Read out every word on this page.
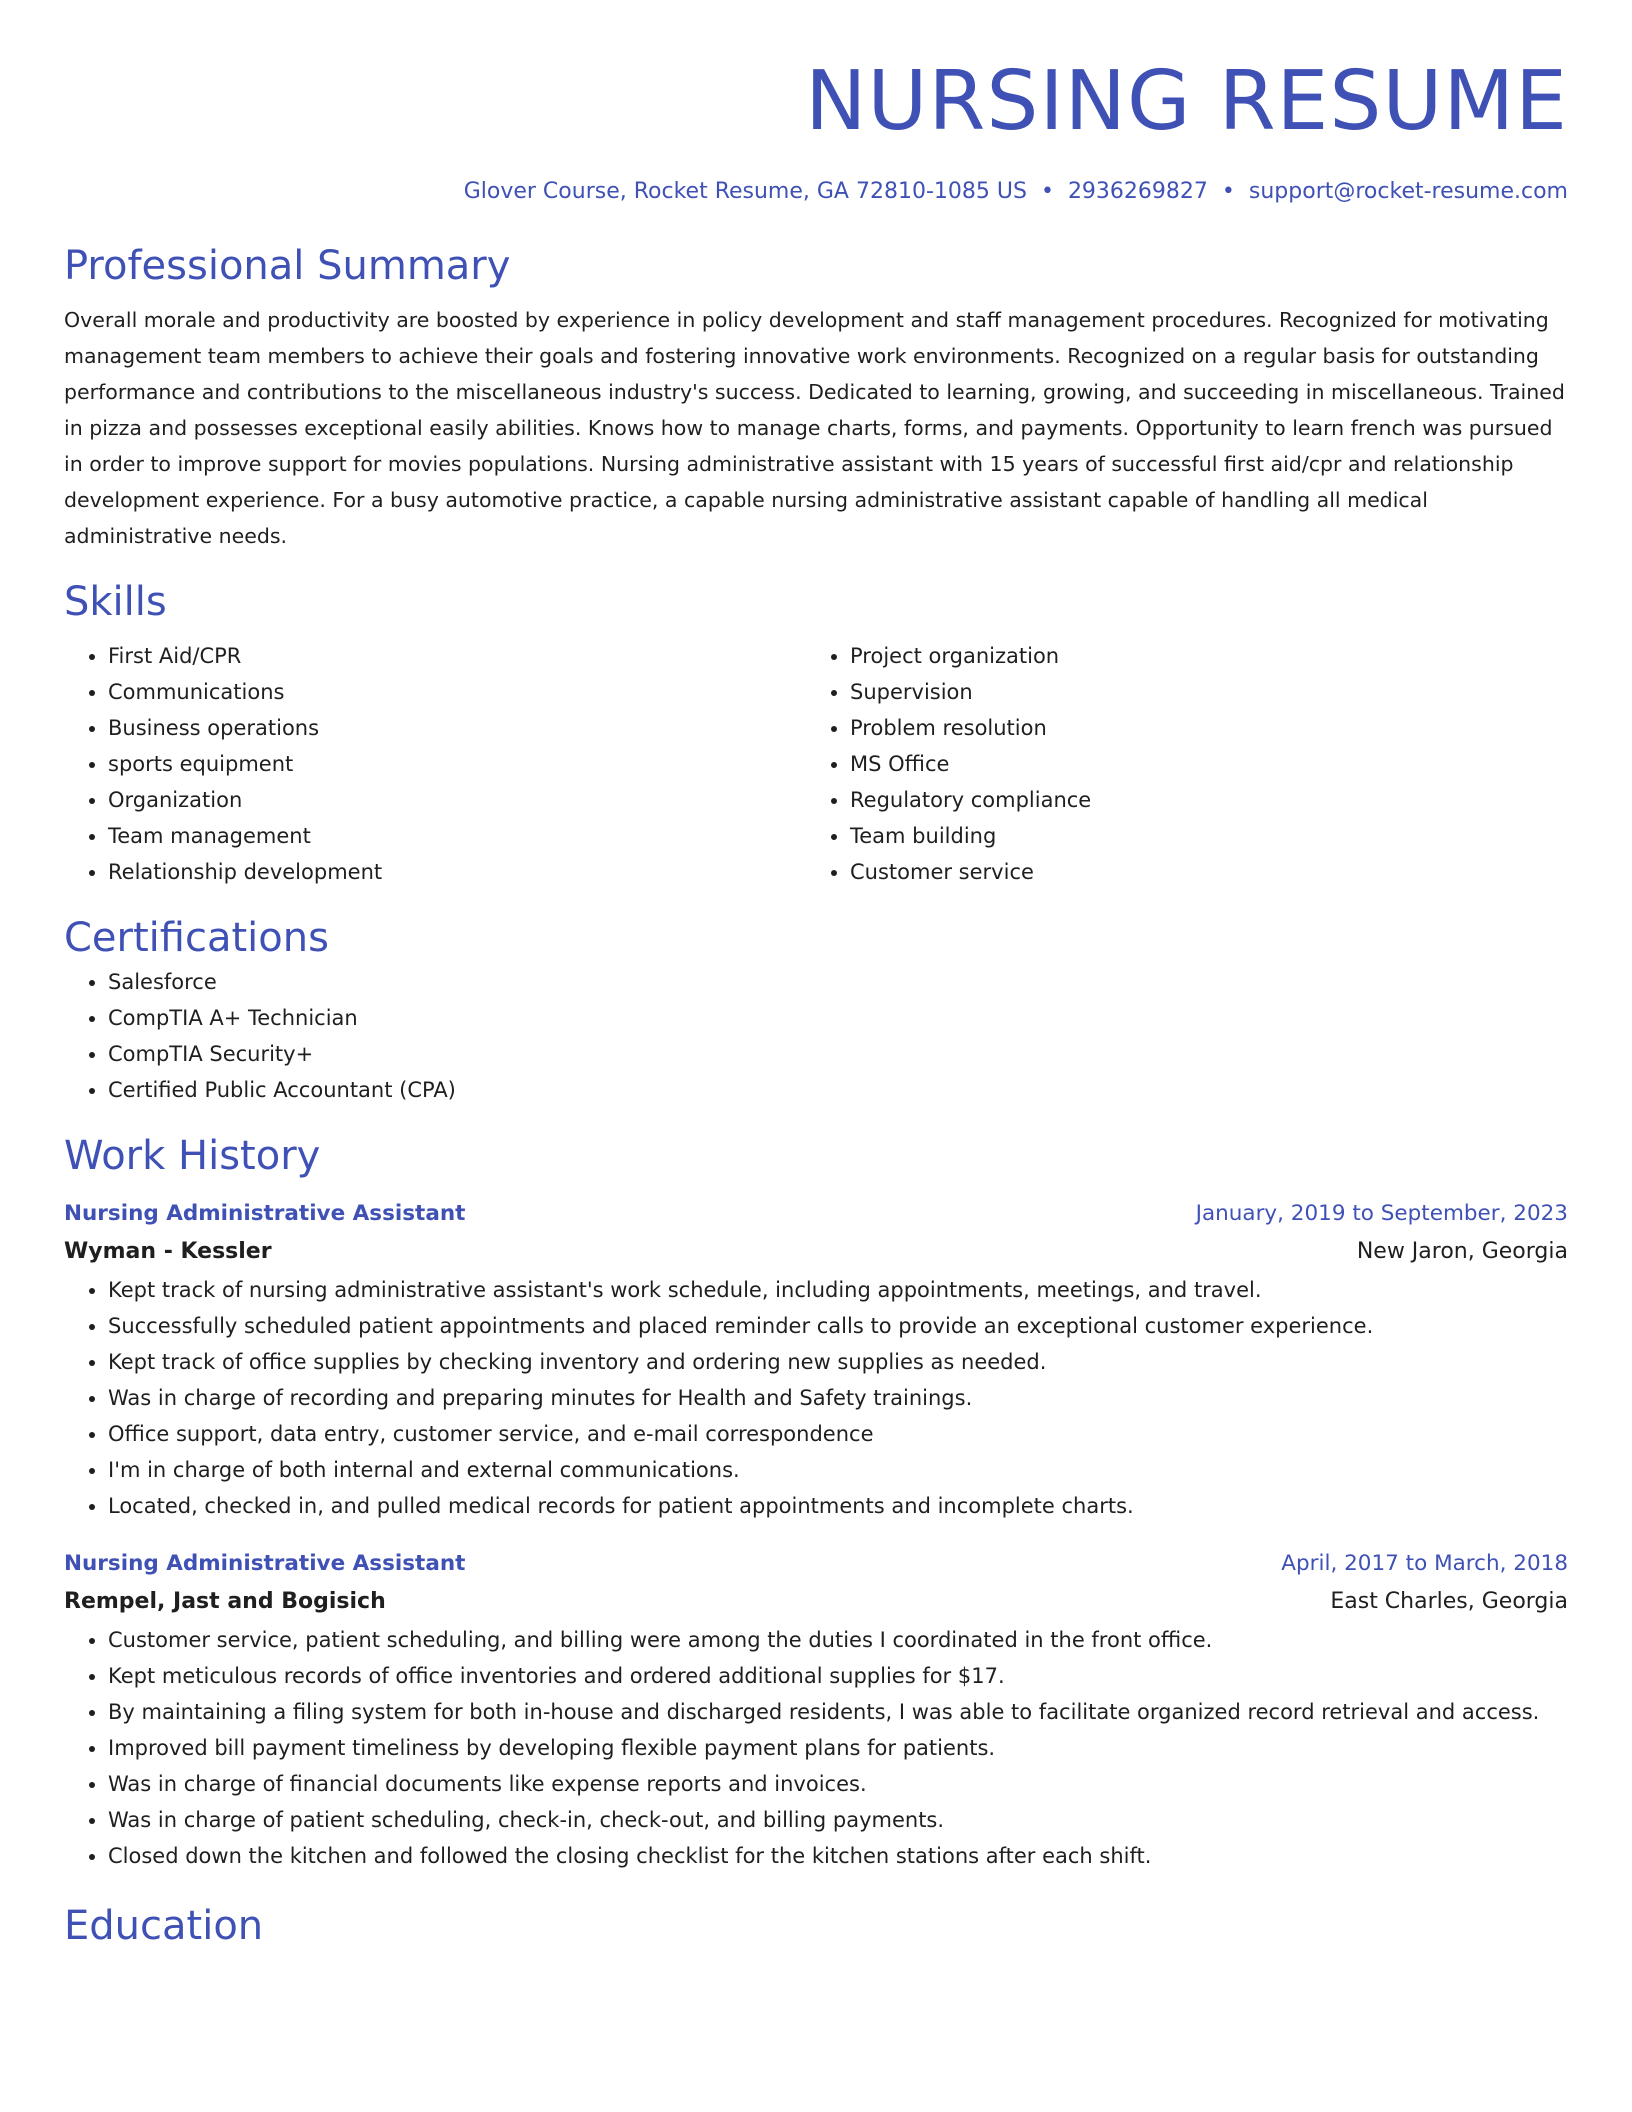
NURSING RESUME
Glover Course, Rocket Resume, GA 72810-1085 US • 2936269827 • support@rocket-resume.com
Professional Summary
Overall morale and productivity are boosted by experience in policy development and staff management procedures. Recognized for motivating management team members to achieve their goals and fostering innovative work environments. Recognized on a regular basis for outstanding performance and contributions to the miscellaneous industry's success. Dedicated to learning, growing, and succeeding in miscellaneous. Trained in pizza and possesses exceptional easily abilities. Knows how to manage charts, forms, and payments. Opportunity to learn french was pursued in order to improve support for movies populations. Nursing administrative assistant with 15 years of successful first aid/cpr and relationship development experience. For a busy automotive practice, a capable nursing administrative assistant capable of handling all medical administrative needs.
Skills
• First Aid/CPR
• Communications
• Business operations
• sports equipment
• Organization
• Team management
• Relationship development
• Project organization
• Supervision
• Problem resolution
• MS Office
• Regulatory compliance
• Team building
• Customer service
Certifications
• Salesforce
• CompTIA A+ Technician
• CompTIA Security+
• Certified Public Accountant (CPA)
Work History
Nursing Administrative Assistant	January, 2019 to September, 2023
Wyman - Kessler	New Jaron, Georgia
• Kept track of nursing administrative assistant's work schedule, including appointments, meetings, and travel.
• Successfully scheduled patient appointments and placed reminder calls to provide an exceptional customer experience.
• Kept track of office supplies by checking inventory and ordering new supplies as needed.
• Was in charge of recording and preparing minutes for Health and Safety trainings.
• Office support, data entry, customer service, and e-mail correspondence
• I'm in charge of both internal and external communications.
• Located, checked in, and pulled medical records for patient appointments and incomplete charts.
Nursing Administrative Assistant	April, 2017 to March, 2018
Rempel, Jast and Bogisich	East Charles, Georgia
• Customer service, patient scheduling, and billing were among the duties I coordinated in the front office.
• Kept meticulous records of office inventories and ordered additional supplies for $17.
• By maintaining a filing system for both in-house and discharged residents, I was able to facilitate organized record retrieval and access.
• Improved bill payment timeliness by developing flexible payment plans for patients.
• Was in charge of financial documents like expense reports and invoices.
• Was in charge of patient scheduling, check-in, check-out, and billing payments.
• Closed down the kitchen and followed the closing checklist for the kitchen stations after each shift.
Education
